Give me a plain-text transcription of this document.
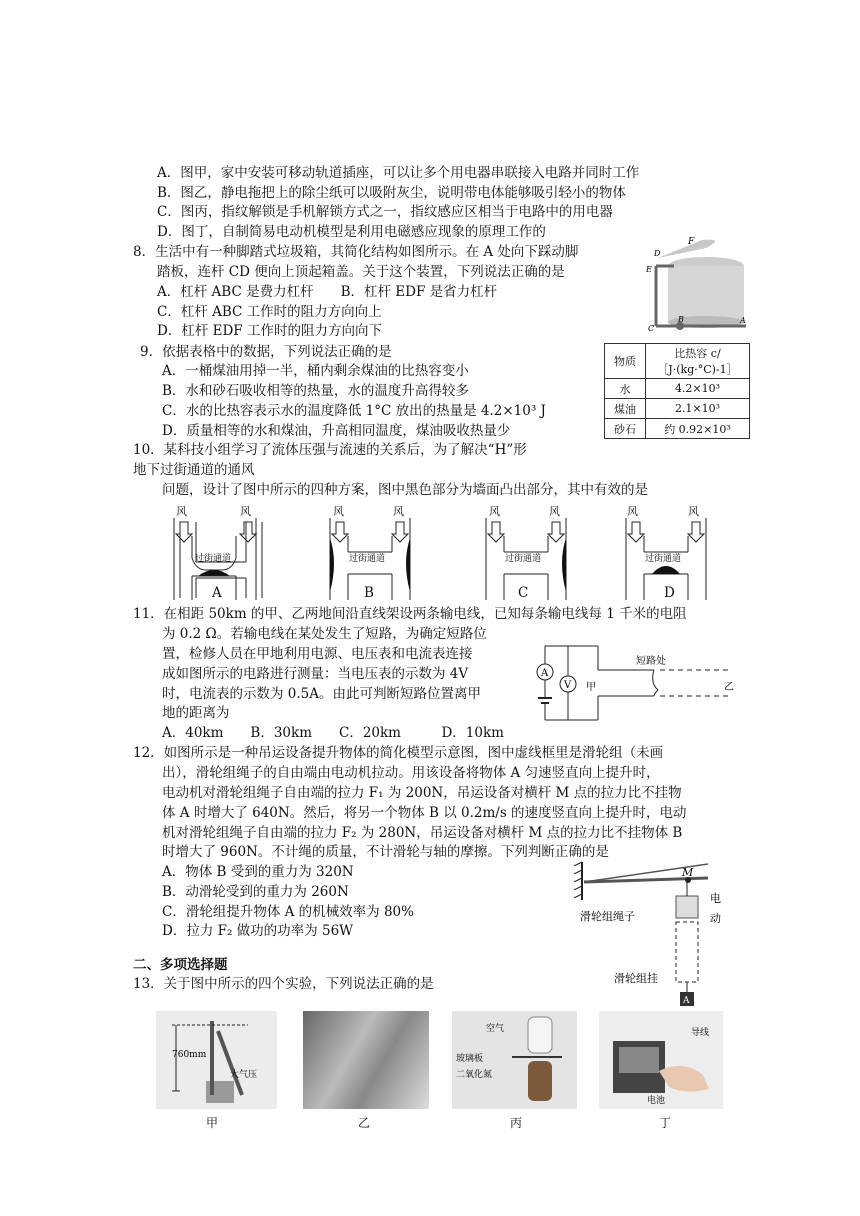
A．图甲，家中安装可移动轨道插座，可以让多个用电器串联接入电路并同时工作
B．图乙，静电拖把上的除尘纸可以吸附灰尘，说明带电体能够吸引轻小的物体
C．图丙，指纹解锁是手机解锁方式之一，指纹感应区相当于电路中的用电器
D．图丁，自制简易电动机模型是利用电磁感应现象的原理工作的
8．生活中有一种脚踏式垃圾箱，其简化结构如图所示。在 A 处向下踩动脚
踏板，连杆 CD 便向上顶起箱盖。关于这个装置，下列说法正确的是
A．杠杆 ABC 是费力杠杆　　B．杠杆 EDF 是省力杠杆
C．杠杆 ABC 工作时的阻力方向向上
D．杠杆 EDF 工作时的阻力方向向下
D
E
F
C
B	A
9．依据表格中的数据，下列说法正确的是
A．一桶煤油用掉一半，桶内剩余煤油的比热容变小
B．水和砂石吸收相等的热量，水的温度升高得较多
C．水的比热容表示水的温度降低 1°C 放出的热量是 4.2×10³ J
D．质量相等的水和煤油，升高相同温度，煤油吸收热量少
物质	比热容 c/
［J·(kg·°C)-1］

水	4.2×10³
煤油	2.1×10³
砂石	约 0.92×10³
10．某科技小组学习了流体压强与流速的关系后，为了解决“H”形
地下过街通道的通风
问题，设计了图中所示的四种方案，图中黑色部分为墙面凸出部分，其中有效的是
风	风	风	风	风	风	风	风
过街通道	过街通道	过街通道	过街通道
A	B	C	D
11．在相距 50km 的甲、乙两地间沿直线架设两条输电线，已知每条输电线每 1 千米的电阻
为 0.2 Ω。若输电线在某处发生了短路，为确定短路位
置，检修人员在甲地利用电源、电压表和电流表连接
成如图所示的电路进行测量：当电压表的示数为 4V
时，电流表的示数为 0.5A。由此可判断短路位置离甲
地的距离为
A．40km　　B．30km　　C．20km　　　D．10km
A
V
短路处
甲	乙
12．如图所示是一种吊运设备提升物体的简化模型示意图，图中虚线框里是滑轮组（未画
出），滑轮组绳子的自由端由电动机拉动。用该设备将物体 A 匀速竖直向上提升时，
电动机对滑轮组绳子自由端的拉力 F₁ 为 200N，吊运设备对横杆 M 点的拉力比不挂物
体 A 时增大了 640N。然后，将另一个物体 B 以 0.2m/s 的速度竖直向上提升时，电动
机对滑轮组绳子自由端的拉力 F₂ 为 280N，吊运设备对横杆 M 点的拉力比不挂物体 B
时增大了 960N。不计绳的质量，不计滑轮与轴的摩擦。下列判断正确的是
A．物体 B 受到的重力为 320N
B．动滑轮受到的重力为 260N
C．滑轮组提升物体 A 的机械效率为 80%
D．拉力 F₂ 做功的功率为 56W
M
滑轮组绳子
电
动
滑轮组挂
A
二、多项选择题
13．关于图中所示的四个实验，下列说法正确的是
760mm
大气压
空气
玻璃板
二氧化氮
导线
电池
甲	乙	丙	丁
